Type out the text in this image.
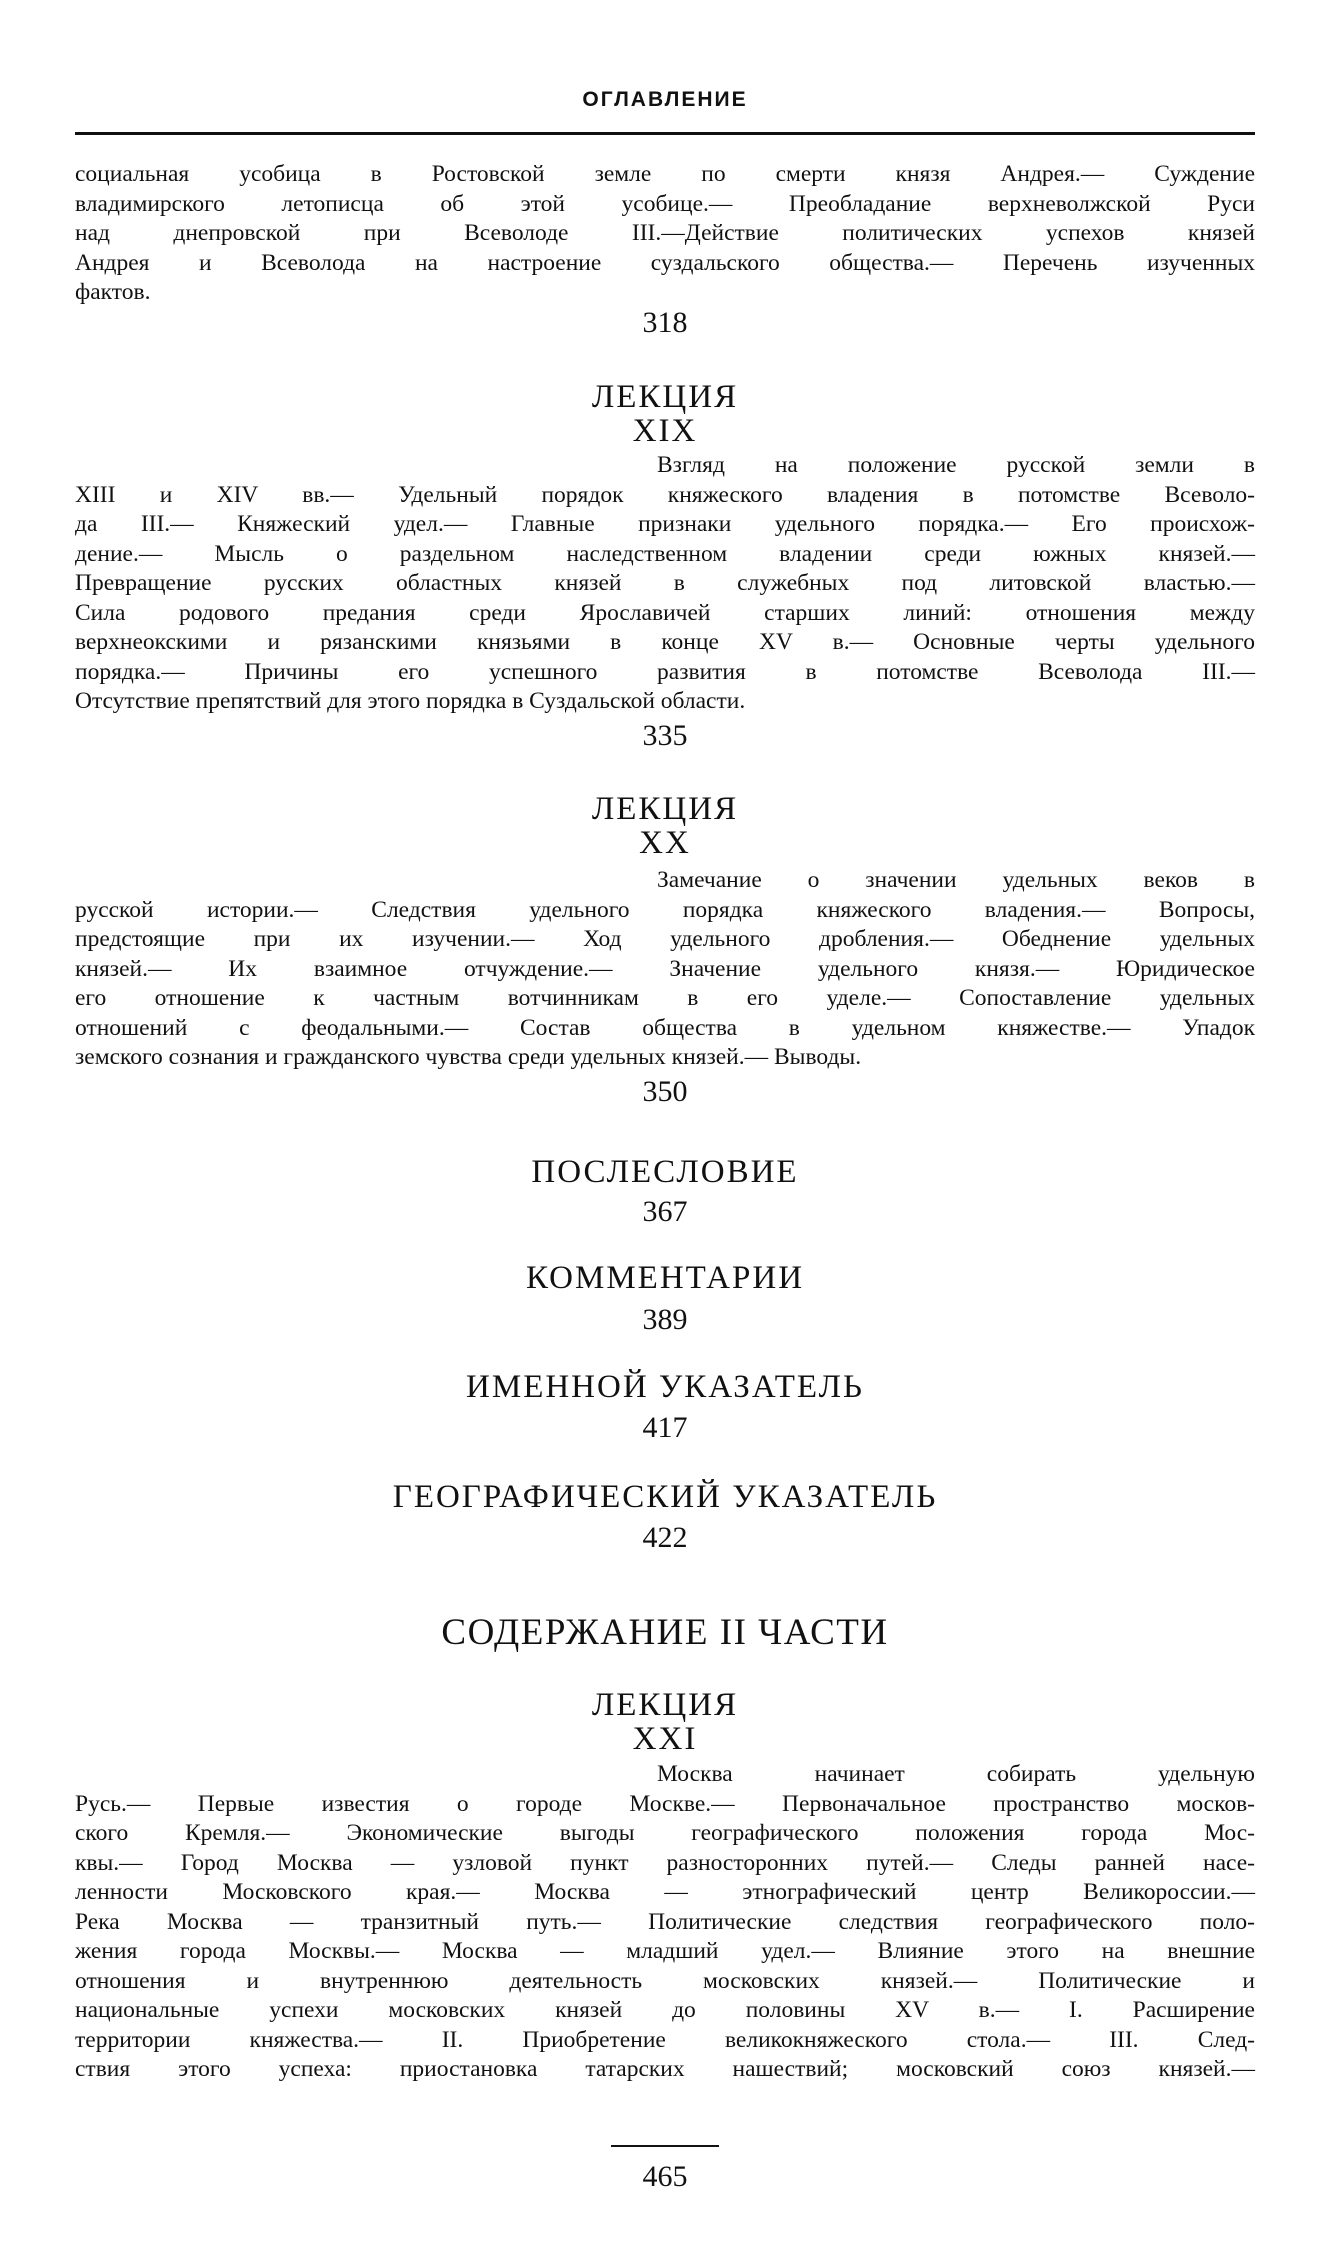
ОГЛАВЛЕНИЕ
социальная усобица в Ростовской земле по смерти князя Андрея.— Суждение
владимирского летописца об этой усобице.— Преобладание верхневолжской Руси
над днепровской при Всеволоде III.—Действие политических успехов князей
Андрея и Всеволода на настроение суздальского общества.— Перечень изученных
фактов.
318
ЛЕКЦИЯ
XIX
Взгляд на положение русской земли в
XIII и XIV вв.— Удельный порядок княжеского владения в потомстве Всеволо-
да III.— Княжеский удел.— Главные признаки удельного порядка.— Его происхож-
дение.— Мысль о раздельном наследственном владении среди южных князей.—
Превращение русских областных князей в служебных под литовской властью.—
Сила родового предания среди Ярославичей старших линий: отношения между
верхнеокскими и рязанскими князьями в конце XV в.— Основные черты удельного
порядка.— Причины его успешного развития в потомстве Всеволода III.—
Отсутствие препятствий для этого порядка в Суздальской области.
335
ЛЕКЦИЯ
XX
Замечание о значении удельных веков в
русской истории.— Следствия удельного порядка княжеского владения.— Вопросы,
предстоящие при их изучении.— Ход удельного дробления.— Обеднение удельных
князей.— Их взаимное отчуждение.— Значение удельного князя.— Юридическое
его отношение к частным вотчинникам в его уделе.— Сопоставление удельных
отношений с феодальными.— Состав общества в удельном княжестве.— Упадок
земского сознания и гражданского чувства среди удельных князей.— Выводы.
350
ПОСЛЕСЛОВИЕ
367
КОММЕНТАРИИ
389
ИМЕННОЙ УКАЗАТЕЛЬ
417
ГЕОГРАФИЧЕСКИЙ УКАЗАТЕЛЬ
422
СОДЕРЖАНИЕ II ЧАСТИ
ЛЕКЦИЯ
XXI
Москва начинает собирать удельную
Русь.— Первые известия о городе Москве.— Первоначальное пространство москов-
ского Кремля.— Экономические выгоды географического положения города Мос-
квы.— Город Москва — узловой пункт разносторонних путей.— Следы ранней насе-
ленности Московского края.— Москва — этнографический центр Великороссии.—
Река Москва — транзитный путь.— Политические следствия географического поло-
жения города Москвы.— Москва — младший удел.— Влияние этого на внешние
отношения и внутреннюю деятельность московских князей.— Политические и
национальные успехи московских князей до половины XV в.— I. Расширение
территории княжества.— II. Приобретение великокняжеского стола.— III. След-
ствия этого успеха: приостановка татарских нашествий; московский союз князей.—
465
